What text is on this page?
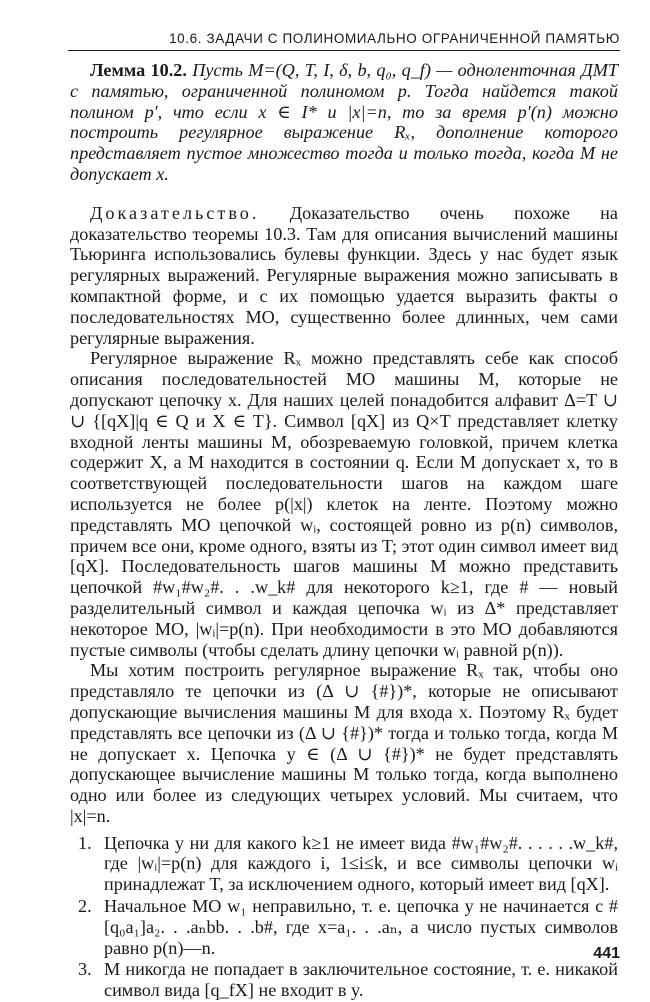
10.6. ЗАДАЧИ С ПОЛИНОМИАЛЬНО ОГРАНИЧЕННОЙ ПАМЯТЬЮ

Лемма 10.2. Пусть M=(Q, T, I, δ, b, q₀, q_f) — одноленточная ДМТ с памятью, ограниченной полиномом p. Тогда найдется такой полином p′, что если x ∈ I* и |x|=n, то за время p′(n) можно построить регулярное выражение Rₓ, дополнение которого представляет пустое множество тогда и только тогда, когда M не допускает x.

Доказательство. Доказательство очень похоже на доказательство теоремы 10.3. Там для описания вычислений машины Тьюринга использовались булевы функции. Здесь у нас будет язык регулярных выражений. Регулярные выражения можно записывать в компактной форме, и с их помощью удается выразить факты о последовательностях МО, существенно более длинных, чем сами регулярные выражения.

Регулярное выражение Rₓ можно представлять себе как способ описания последовательностей МО машины M, которые не допускают цепочку x. Для наших целей понадобится алфавит Δ=T ∪ ∪ {[qX]|q ∈ Q и X ∈ T}. Символ [qX] из Q×T представляет клетку входной ленты машины M, обозреваемую головкой, причем клетка содержит X, а M находится в состоянии q. Если M допускает x, то в соответствующей последовательности шагов на каждом шаге используется не более p(|x|) клеток на ленте. Поэтому можно представлять МО цепочкой wᵢ, состоящей ровно из p(n) символов, причем все они, кроме одного, взяты из T; этот один символ имеет вид [qX]. Последовательность шагов машины M можно представить цепочкой #w₁#w₂#. . .w_k# для некоторого k≥1, где # — новый разделительный символ и каждая цепочка wᵢ из Δ* представляет некоторое МО, |wᵢ|=p(n). При необходимости в это МО добавляются пустые символы (чтобы сделать длину цепочки wᵢ равной p(n)).

Мы хотим построить регулярное выражение Rₓ так, чтобы оно представляло те цепочки из (Δ ∪ {#})*, которые не описывают допускающие вычисления машины M для входа x. Поэтому Rₓ будет представлять все цепочки из (Δ ∪ {#})* тогда и только тогда, когда M не допускает x. Цепочка y ∈ (Δ ∪ {#})* не будет представлять допускающее вычисление машины M только тогда, когда выполнено одно или более из следующих четырех условий. Мы считаем, что |x|=n.

1. Цепочка y ни для какого k≥1 не имеет вида #w₁#w₂#. . . . . .w_k#, где |wᵢ|=p(n) для каждого i, 1≤i≤k, и все символы цепочки wᵢ принадлежат T, за исключением одного, который имеет вид [qX].
2. Начальное МО w₁ неправильно, т. е. цепочка y не начинается с #[q₀a₁]a₂. . .aₙbb. . .b#, где x=a₁. . .aₙ, а число пустых символов равно p(n)—n.
3. M никогда не попадает в заключительное состояние, т. е. никакой символ вида [q_fX] не входит в y.
441
